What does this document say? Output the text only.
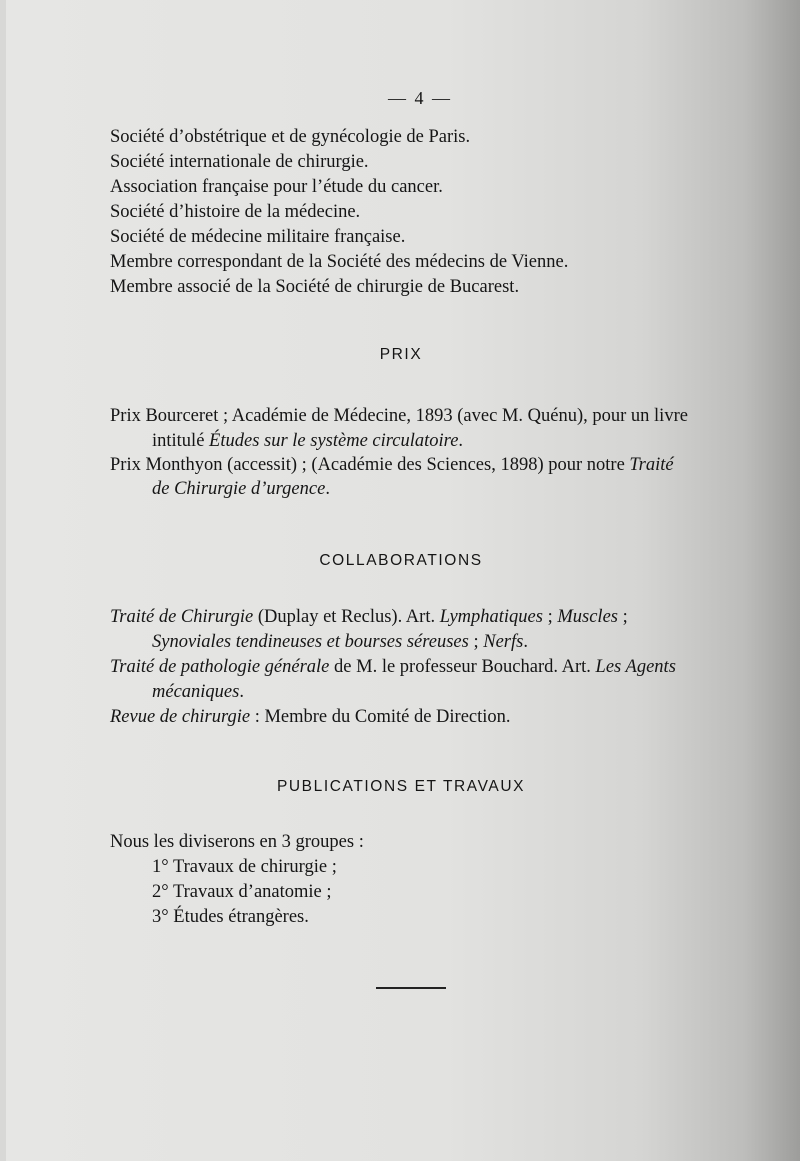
— 4 —
Société d’obstétrique et de gynécologie de Paris.
Société internationale de chirurgie.
Association française pour l’étude du cancer.
Société d’histoire de la médecine.
Société de médecine militaire française.
Membre correspondant de la Société des médecins de Vienne.
Membre associé de la Société de chirurgie de Bucarest.
PRIX
Prix Bourceret ; Académie de Médecine, 1893 (avec M. Quénu), pour un livre
intitulé Études sur le système circulatoire.
Prix Monthyon (accessit) ; (Académie des Sciences, 1898) pour notre Traité
de Chirurgie d’urgence.
COLLABORATIONS
Traité de Chirurgie (Duplay et Reclus). Art. Lymphatiques ; Muscles ;
Synoviales tendineuses et bourses séreuses ; Nerfs.
Traité de pathologie générale de M. le professeur Bouchard. Art. Les Agents
mécaniques.
Revue de chirurgie : Membre du Comité de Direction.
PUBLICATIONS ET TRAVAUX
Nous les diviserons en 3 groupes :
1° Travaux de chirurgie ;
2° Travaux d’anatomie ;
3° Études étrangères.
